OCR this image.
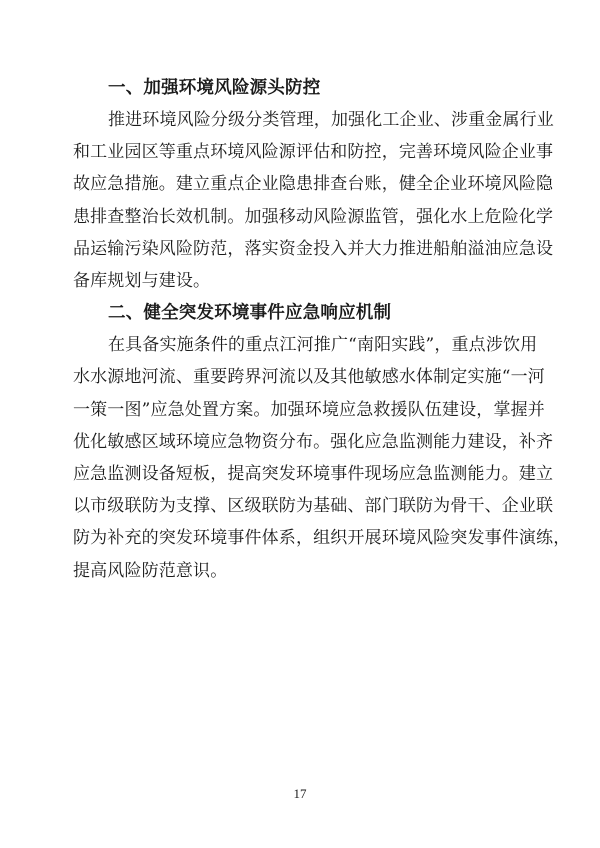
一、加强环境风险源头防控
推进环境风险分级分类管理，加强化工企业、涉重金属行业
和工业园区等重点环境风险源评估和防控，完善环境风险企业事
故应急措施。建立重点企业隐患排查台账，健全企业环境风险隐
患排查整治长效机制。加强移动风险源监管，强化水上危险化学
品运输污染风险防范，落实资金投入并大力推进船舶溢油应急设
备库规划与建设。
二、健全突发环境事件应急响应机制
在具备实施条件的重点江河推广“南阳实践”，重点涉饮用
水水源地河流、重要跨界河流以及其他敏感水体制定实施“一河
一策一图”应急处置方案。加强环境应急救援队伍建设，掌握并
优化敏感区域环境应急物资分布。强化应急监测能力建设，补齐
应急监测设备短板，提高突发环境事件现场应急监测能力。建立
以市级联防为支撑、区级联防为基础、部门联防为骨干、企业联
防为补充的突发环境事件体系，组织开展环境风险突发事件演练，
提高风险防范意识。
17
